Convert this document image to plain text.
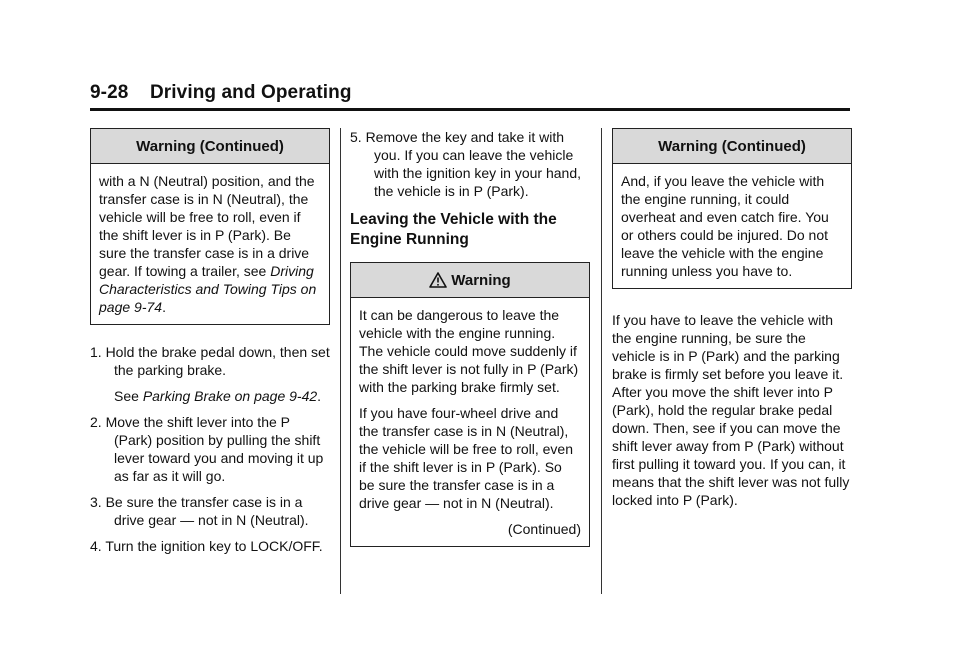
9-28 Driving and Operating
Warning (Continued)

with a N (Neutral) position, and the transfer case is in N (Neutral), the vehicle will be free to roll, even if the shift lever is in P (Park). Be sure the transfer case is in a drive gear. If towing a trailer, see Driving Characteristics and Towing Tips on page 9-74.

1. Hold the brake pedal down, then set the parking brake.

See Parking Brake on page 9-42.

2. Move the shift lever into the P (Park) position by pulling the shift lever toward you and moving it up as far as it will go.

3. Be sure the transfer case is in a drive gear — not in N (Neutral).

4. Turn the ignition key to LOCK/OFF.

5. Remove the key and take it with you. If you can leave the vehicle with the ignition key in your hand, the vehicle is in P (Park).

Leaving the Vehicle with the Engine Running
Warning

It can be dangerous to leave the vehicle with the engine running. The vehicle could move suddenly if the shift lever is not fully in P (Park) with the parking brake firmly set.

If you have four-wheel drive and the transfer case is in N (Neutral), the vehicle will be free to roll, even if the shift lever is in P (Park). So be sure the transfer case is in a drive gear — not in N (Neutral).

(Continued)
Warning (Continued)

And, if you leave the vehicle with the engine running, it could overheat and even catch fire. You or others could be injured. Do not leave the vehicle with the engine running unless you have to.

If you have to leave the vehicle with the engine running, be sure the vehicle is in P (Park) and the parking brake is firmly set before you leave it. After you move the shift lever into P (Park), hold the regular brake pedal down. Then, see if you can move the shift lever away from P (Park) without first pulling it toward you. If you can, it means that the shift lever was not fully locked into P (Park).
